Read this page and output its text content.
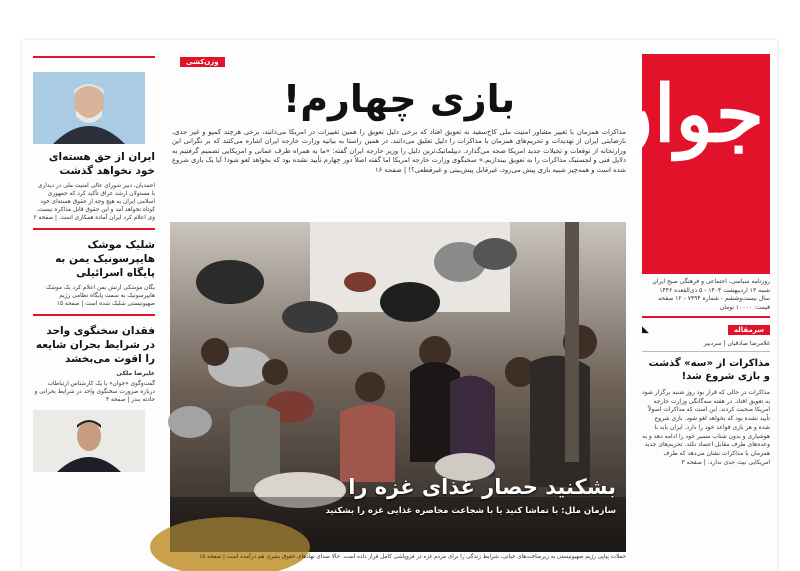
جوان
روزنامه سیاسی، اجتماعی و فرهنگی صبح ایران
شنبه ۱۳ اردیبهشت ۱۴۰۴ - ۵ ذی‌القعده ۱۴۴۶
سال بیست‌وششم - شماره ۷۴۹۴ - ۱۲ صفحه
قیمت: ۱۰۰۰۰ تومان
سرمقاله
◣
غلامرضا صادقیان | سردبیر
مذاکرات از «سه» گذشت و بازی شروع شد!
مذاکرات در حالی که قرار بود روز شنبه برگزار شود به تعویق افتاد. در هفته سه‌گانگی وزارت خارجه امریکا صحبت کردند. این است که مذاکرات اصولاً تأیید نشده بود که بخواهد لغو شود. بازی شروع شده و هر بازی قواعد خود را دارد. ایران باید با هوشیاری و بدون شتاب مسیر خود را ادامه دهد و به وعده‌های طرف مقابل اعتماد نکند. تحریم‌های جدید همزمان با مذاکرات نشان می‌دهد که طرف امریکایی نیت جدی ندارد. | صفحه ۳
وزن‌کشی
بازی چهارم!
مذاکرات همزمان با تغییر مشاور امنیت ملی کاخ‌سفید به تعویق افتاد که برخی دلیل تعویق را همین تغییرات در امریکا می‌دانند، برخی هرچند کمپو و غیر جدی، نارضایتی ایران از تهدیدات و تحریم‌های همزمان با مذاکرات را دلیل تعلیق می‌دانند. در همین راستا به بیانیه وزارت خارجه ایران اشاره می‌کنند که بر نگرانی این وزارتخانه از توقعات و تخیلات جدید امریکا صحه می‌گذارد. دیپلماتیک‌ترین دلیل را وزیر خارجه ایران گفته: «ما به همراه طرف عمانی و امریکایی تصمیم گرفتیم به دلایل فنی و لجستیک مذاکرات را به تعویق بیندازیم.» سخنگوی وزارت خارجه امریکا اما گفته اصلاً دور چهارم تأیید نشده بود که بخواهد لغو شود! آیا یک بازی شروع شده است و همه‌چیز شبیه بازی پیش می‌رود، غیرقابل پیش‌بینی و غیرقطعی؟! | صفحه ۱۶
بشکنید حصار غذای غزه را
سازمان ملل: با تماشا کنید یا با شجاعت محاصره غذایی غزه را بشکنید
حملات پیاپی رژیم صهیونیستی به زیرساخت‌های حیاتی، شرایط زندگی را برای مردم غزه در فروپاشی کامل قرار داده است. حالا صدای نهادهای حقوق بشری هم درآمده است | صفحه ۱۵
ایران از حق هسته‌ای خود نخواهد گذشت
احمدیان، دبیر شورای عالی امنیت ملی در دیداری با مسئولان ارشد عراق تأکید کرد که جمهوری اسلامی ایران به هیچ وجه از حقوق هسته‌ای خود کوتاه نخواهد آمد و این حقوق قابل مذاکره نیست. وی اعلام کرد ایران آماده همکاری است. | صفحه ۲
شلیک موشک هایپرسونیک یمن به پایگاه اسرائیلی
یگان موشکی ارتش یمن اعلام کرد یک موشک هایپرسونیک به سمت پایگاه نظامی رژیم صهیونیستی شلیک شده است | صفحه ۱۵
فقدان سخنگوی واحد در شرایط بحران شایعه را اقوت می‌بخشد
علیرضا ملکی
گفت‌وگوی «جوان» با یک کارشناس ارتباطات درباره ضرورت سخنگوی واحد در شرایط بحرانی و حادثه بندر | صفحه ۴
